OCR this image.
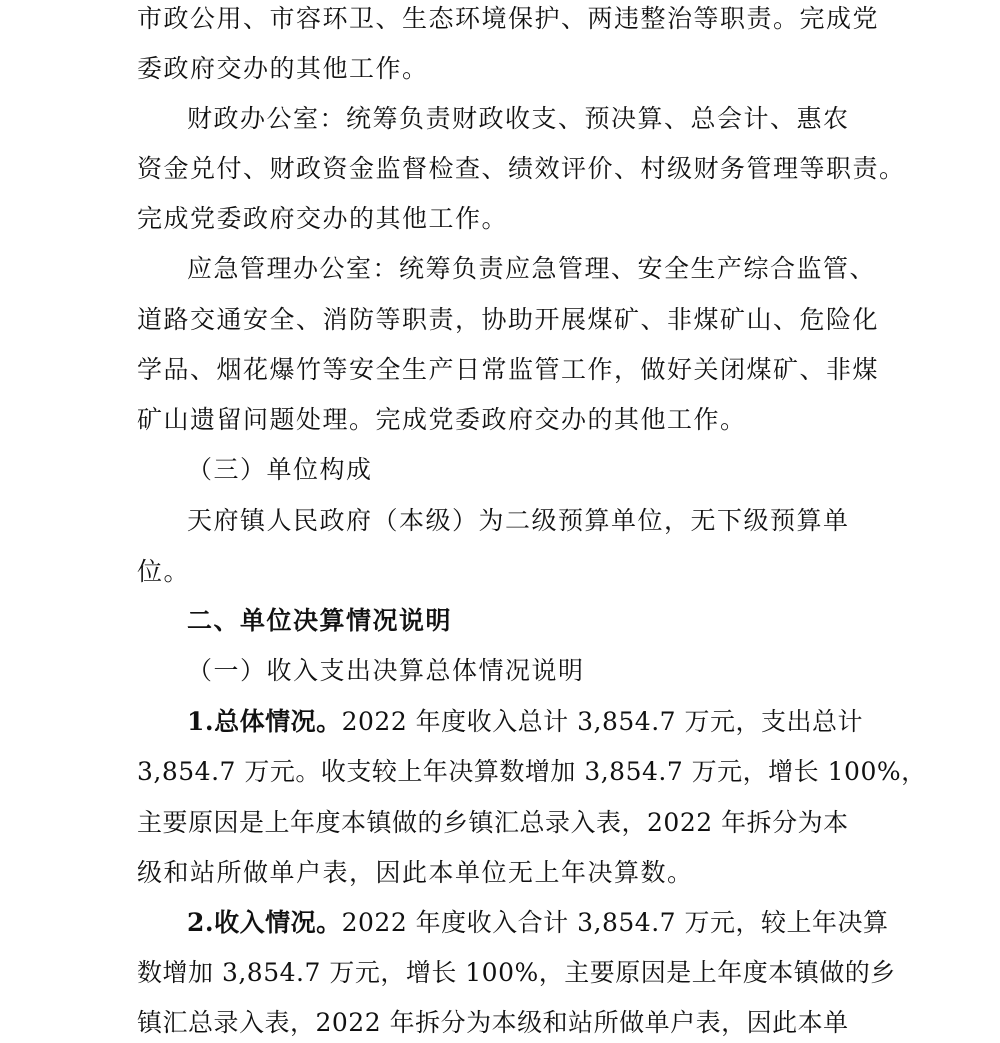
市政公用、市容环卫、生态环境保护、两违整治等职责。完成党
委政府交办的其他工作。
财政办公室：统筹负责财政收支、预决算、总会计、惠农
资金兑付、财政资金监督检查、绩效评价、村级财务管理等职责。
完成党委政府交办的其他工作。
应急管理办公室：统筹负责应急管理、安全生产综合监管、
道路交通安全、消防等职责，协助开展煤矿、非煤矿山、危险化
学品、烟花爆竹等安全生产日常监管工作，做好关闭煤矿、非煤
矿山遗留问题处理。完成党委政府交办的其他工作。
（三）单位构成
天府镇人民政府（本级）为二级预算单位，无下级预算单
位。
二、单位决算情况说明
（一）收入支出决算总体情况说明
1.总体情况。2022 年度收入总计 3,854.7 万元，支出总计
3,854.7 万元。收支较上年决算数增加 3,854.7 万元，增长 100%，
主要原因是上年度本镇做的乡镇汇总录入表，2022 年拆分为本
级和站所做单户表，因此本单位无上年决算数。
2.收入情况。2022 年度收入合计 3,854.7 万元，较上年决算
数增加 3,854.7 万元，增长 100%，主要原因是上年度本镇做的乡
镇汇总录入表，2022 年拆分为本级和站所做单户表，因此本单
